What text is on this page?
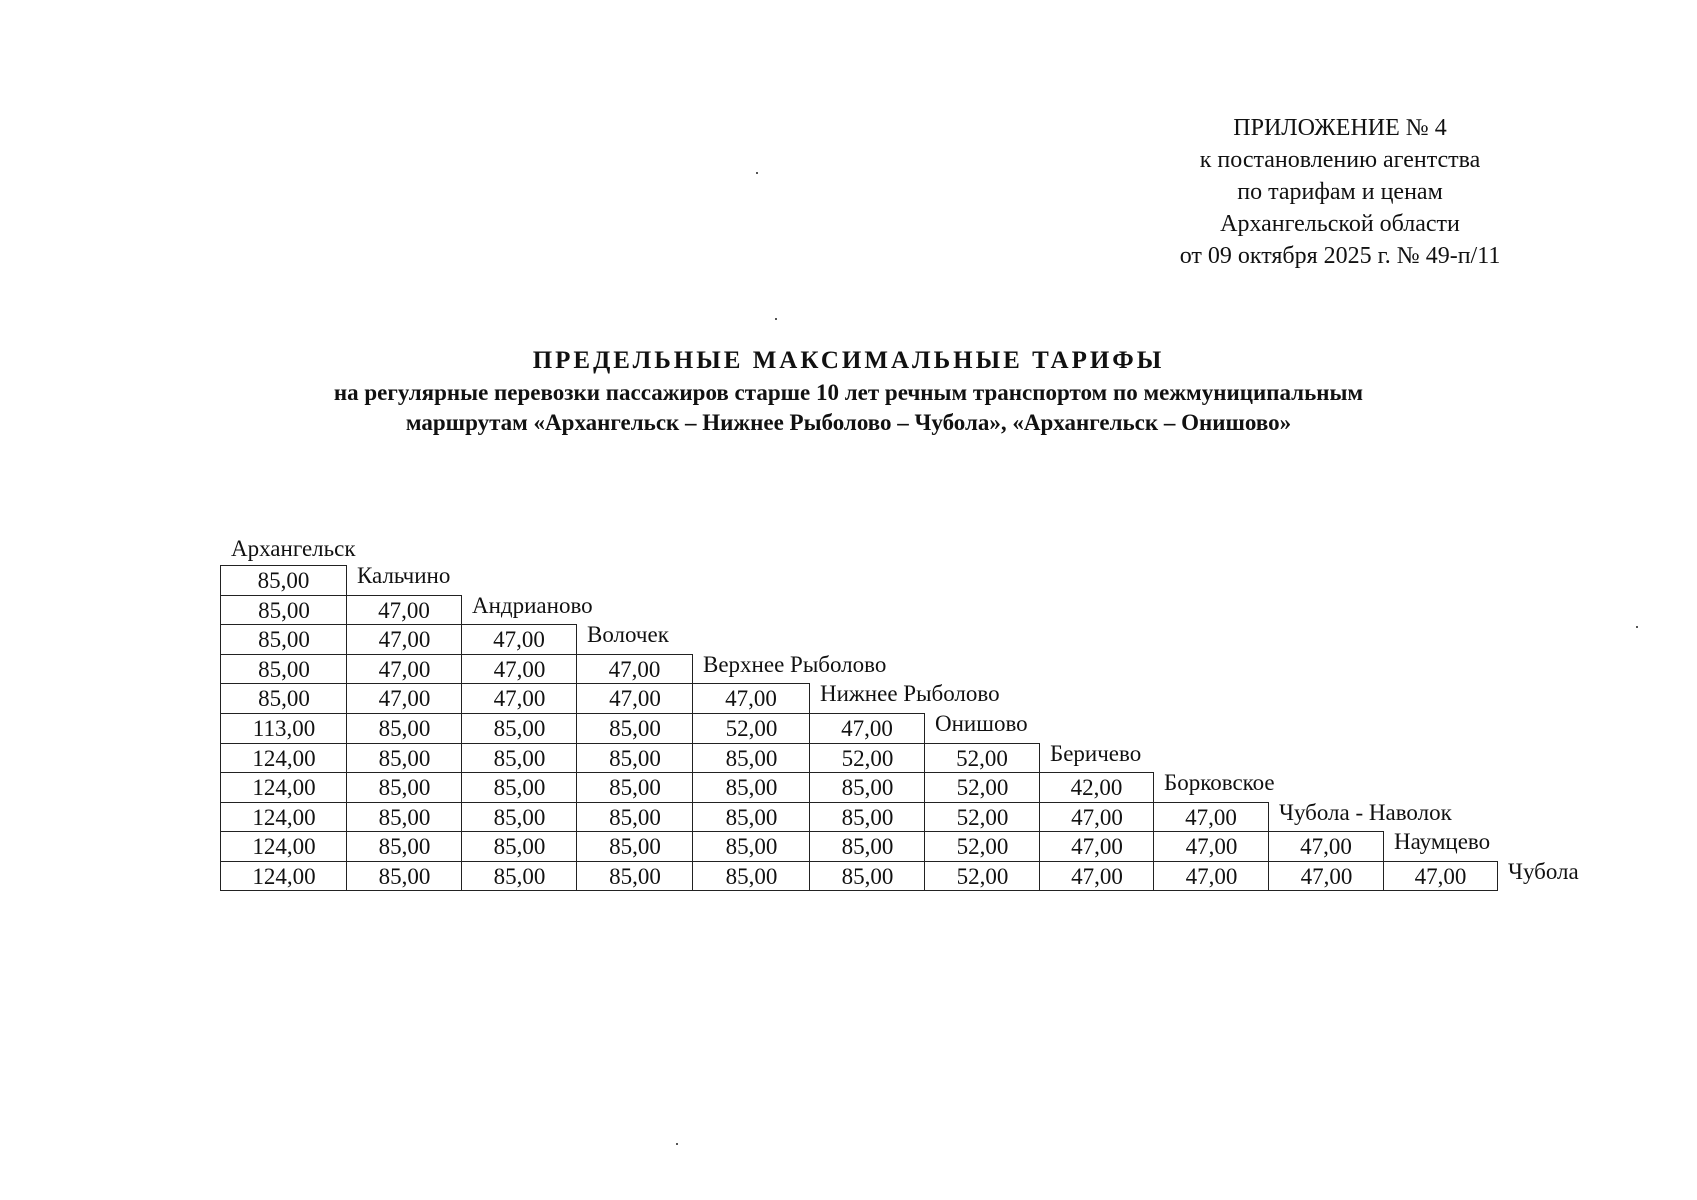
ПРИЛОЖЕНИЕ № 4
к постановлению агентства
по тарифам и ценам
Архангельской области
от 09 октября 2025 г. № 49-п/11
ПРЕДЕЛЬНЫЕ МАКСИМАЛЬНЫЕ ТАРИФЫ
на регулярные перевозки пассажиров старше 10 лет речным транспортом по межмуниципальным
маршрутам «Архангельск – Нижнее Рыболово – Чубола», «Архангельск – Онишово»
Архангельск
85,00	Кальчино
85,00	47,00	Андрианово
85,00	47,00	47,00	Волочек
85,00	47,00	47,00	47,00	Верхнее Рыболово
85,00	47,00	47,00	47,00	47,00	Нижнее Рыболово
113,00	85,00	85,00	85,00	52,00	47,00	Онишово
124,00	85,00	85,00	85,00	85,00	52,00	52,00	Беричево
124,00	85,00	85,00	85,00	85,00	85,00	52,00	42,00	Борковское
124,00	85,00	85,00	85,00	85,00	85,00	52,00	47,00	47,00	Чубола - Наволок
124,00	85,00	85,00	85,00	85,00	85,00	52,00	47,00	47,00	47,00	Наумцево
124,00	85,00	85,00	85,00	85,00	85,00	52,00	47,00	47,00	47,00	47,00	Чубола
